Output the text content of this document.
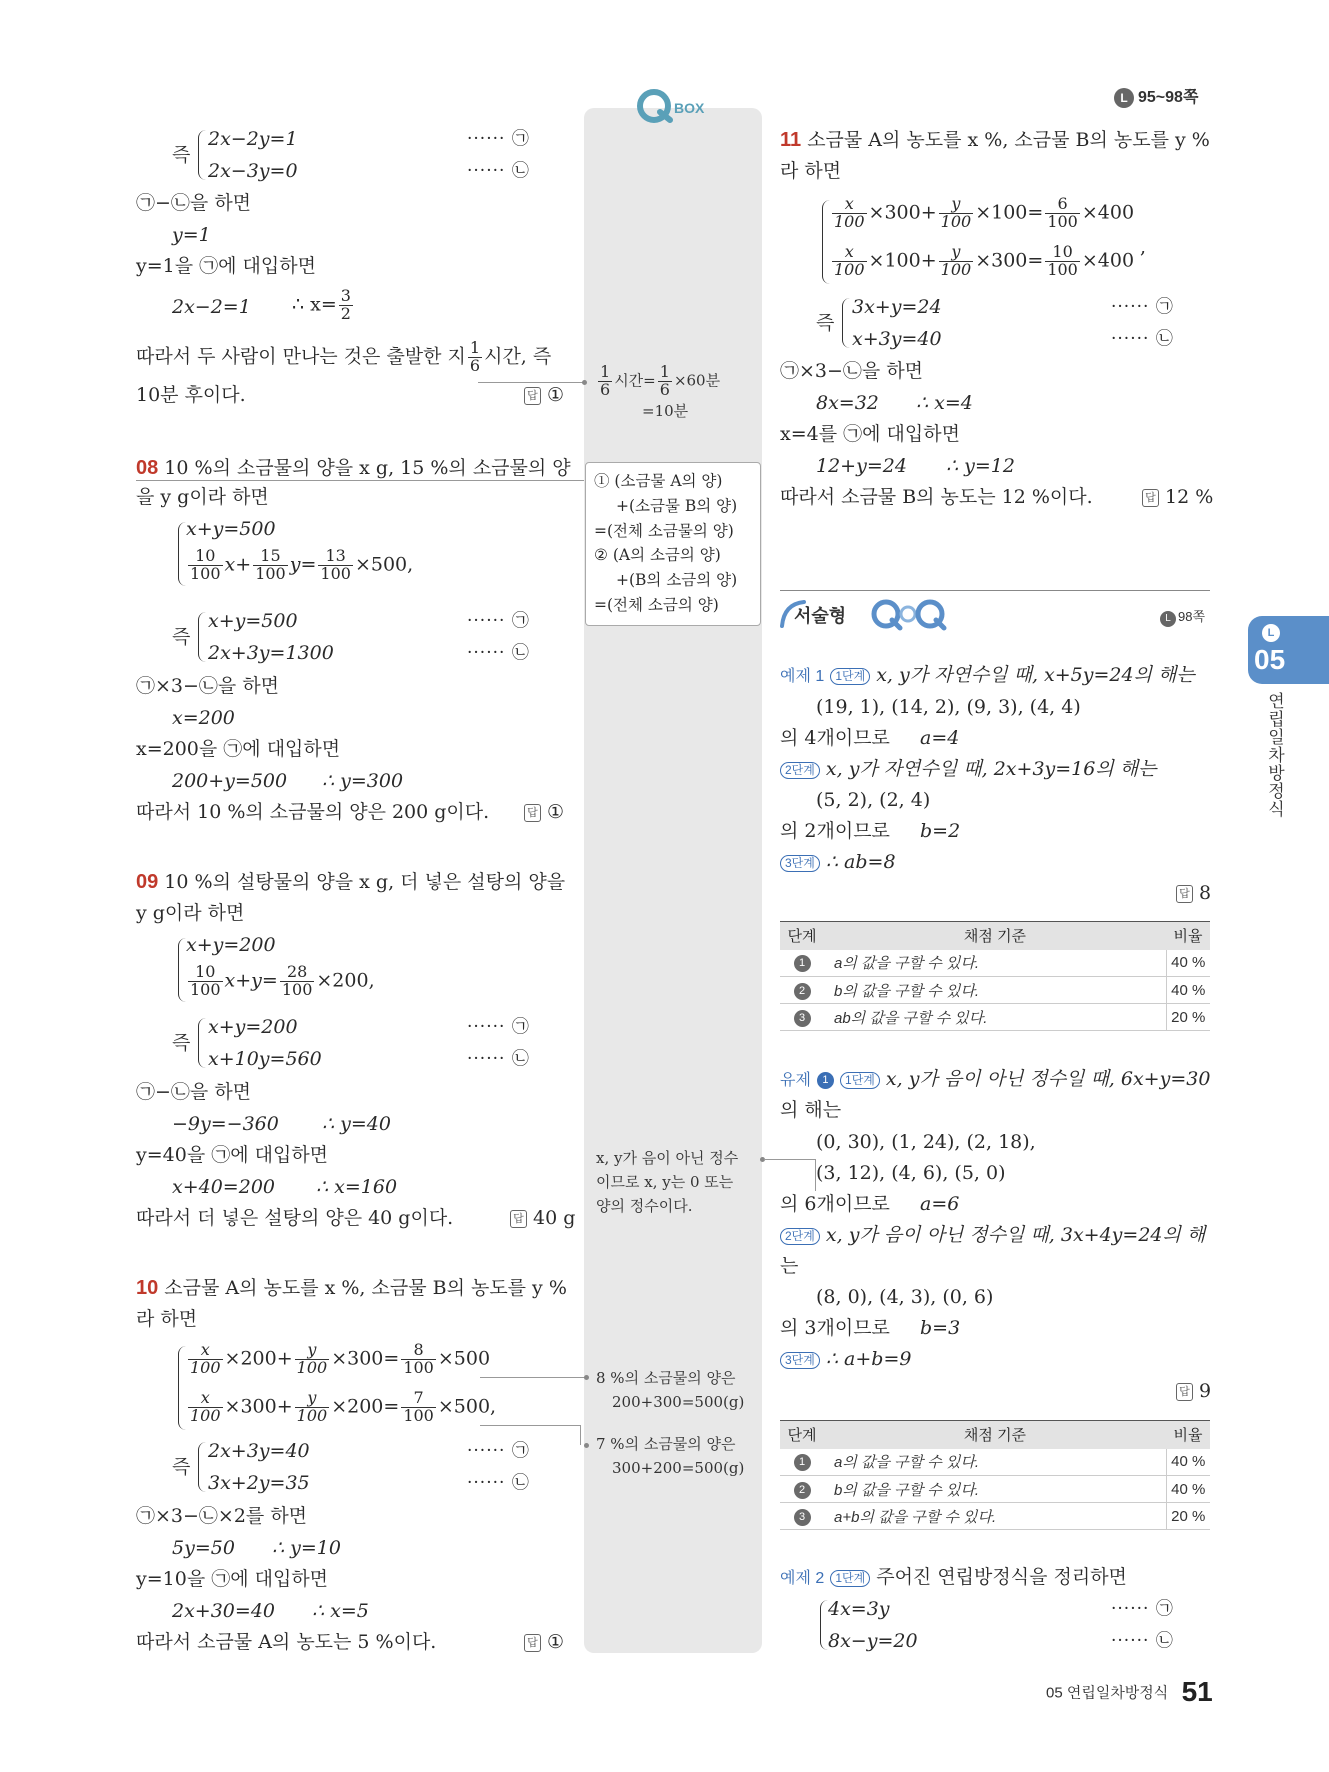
BOX
L 95~98쪽
즉
2x−2y=1
2x−3y=0
······ ㉠
······ ㉡
㉠−㉡을 하면
y=1
y=1을 ㉠에 대입하면
2x−2=1 ∴ $x= \frac{3}{2}$
따라서 두 사람이 만나는 것은 출발한 지 $\frac{1}{6}$ 시간, 즉
10분 후이다.	답 ①
08 10 %의 소금물의 양을 x g, 15 %의 소금물의 양
을 y g이라 하면
x+y=500
$\frac{10}{100} x+ \frac{15}{100} y= \frac{13}{100} \times 500$,
즉
x+y=500
2x+3y=1300
······ ㉠
······ ㉡
㉠×3−㉡을 하면
x=200
x=200을 ㉠에 대입하면
200+y=500 ∴ y=300
따라서 10 %의 소금물의 양은 200 g이다.	답 ①
09 10 %의 설탕물의 양을 x g, 더 넣은 설탕의 양을
y g이라 하면
x+y=200
$\frac{10}{100} x+y= \frac{28}{100} \times 200$,
즉
x+y=200
x+10y=560
······ ㉠
······ ㉡
㉠−㉡을 하면
−9y=−360 ∴ y=40
y=40을 ㉠에 대입하면
x+40=200 ∴ x=160
따라서 더 넣은 설탕의 양은 40 g이다.	답 40 g
10 소금물 A의 농도를 x %, 소금물 B의 농도를 y %
라 하면
$\frac{x}{100} \times 200+ \frac{y}{100} \times 300= \frac{8}{100} \times 500$
$\frac{x}{100} \times 300+ \frac{y}{100} \times 200= \frac{7}{100} \times 500$,
즉
2x+3y=40
3x+2y=35
······ ㉠
······ ㉡
㉠×3−㉡×2를 하면
5y=50 ∴ y=10
y=10을 ㉠에 대입하면
2x+30=40 ∴ x=5
따라서 소금물 A의 농도는 5 %이다.	답 ①
$\frac{1}{6}$ 시간= $\frac{1}{6} \times 60$분
=10분
① (소금물 A의 양)
+(소금물 B의 양)
=(전체 소금물의 양)
② (A의 소금의 양)
+(B의 소금의 양)
=(전체 소금의 양)
x, y가 음이 아닌 정수
이므로 x, y는 0 또는
양의 정수이다.
8 %의 소금물의 양은
200+300=500(g)
7 %의 소금물의 양은
300+200=500(g)
11 소금물 A의 농도를 x %, 소금물 B의 농도를 y %
라 하면
$\frac{x}{100} \times 300+ \frac{y}{100} \times 100= \frac{6}{100} \times 400$
$\frac{x}{100} \times 100+ \frac{y}{100} \times 300= \frac{10}{100} \times 400$
,
즉
3x+y=24
x+3y=40
······ ㉠
······ ㉡
㉠×3−㉡을 하면
8x=32 ∴ x=4
x=4를 ㉠에 대입하면
12+y=24 ∴ y=12
따라서 소금물 B의 농도는 12 %이다.	답 12 %
서술형	L 98쪽
예제 1 1단계 x, y가 자연수일 때, x+5y=24의 해는
(19, 1), (14, 2), (9, 3), (4, 4)
의 4개이므로 a=4
2단계 x, y가 자연수일 때, 2x+3y=16의 해는
(5, 2), (2, 4)
의 2개이므로 b=2
3단계 ∴ ab=8
답 8
단계	채점 기준	비율
1	a의 값을 구할 수 있다.	40 %
2	b의 값을 구할 수 있다.	40 %
3	ab의 값을 구할 수 있다.	20 %
유제 1 1단계 x, y가 음이 아닌 정수일 때, 6x+y=30
의 해는
(0, 30), (1, 24), (2, 18),
(3, 12), (4, 6), (5, 0)
의 6개이므로 a=6
2단계 x, y가 음이 아닌 정수일 때, 3x+4y=24의 해
는
(8, 0), (4, 3), (0, 6)
의 3개이므로 b=3
3단계 ∴ a+b=9
답 9
단계	채점 기준	비율
1	a의 값을 구할 수 있다.	40 %
2	b의 값을 구할 수 있다.	40 %
3	a+b의 값을 구할 수 있다.	20 %
예제 2 1단계 주어진 연립방정식을 정리하면
4x=3y
8x−y=20
······ ㉠
······ ㉡
L
05
연립일차방정식
05 연립일차방정식 51
